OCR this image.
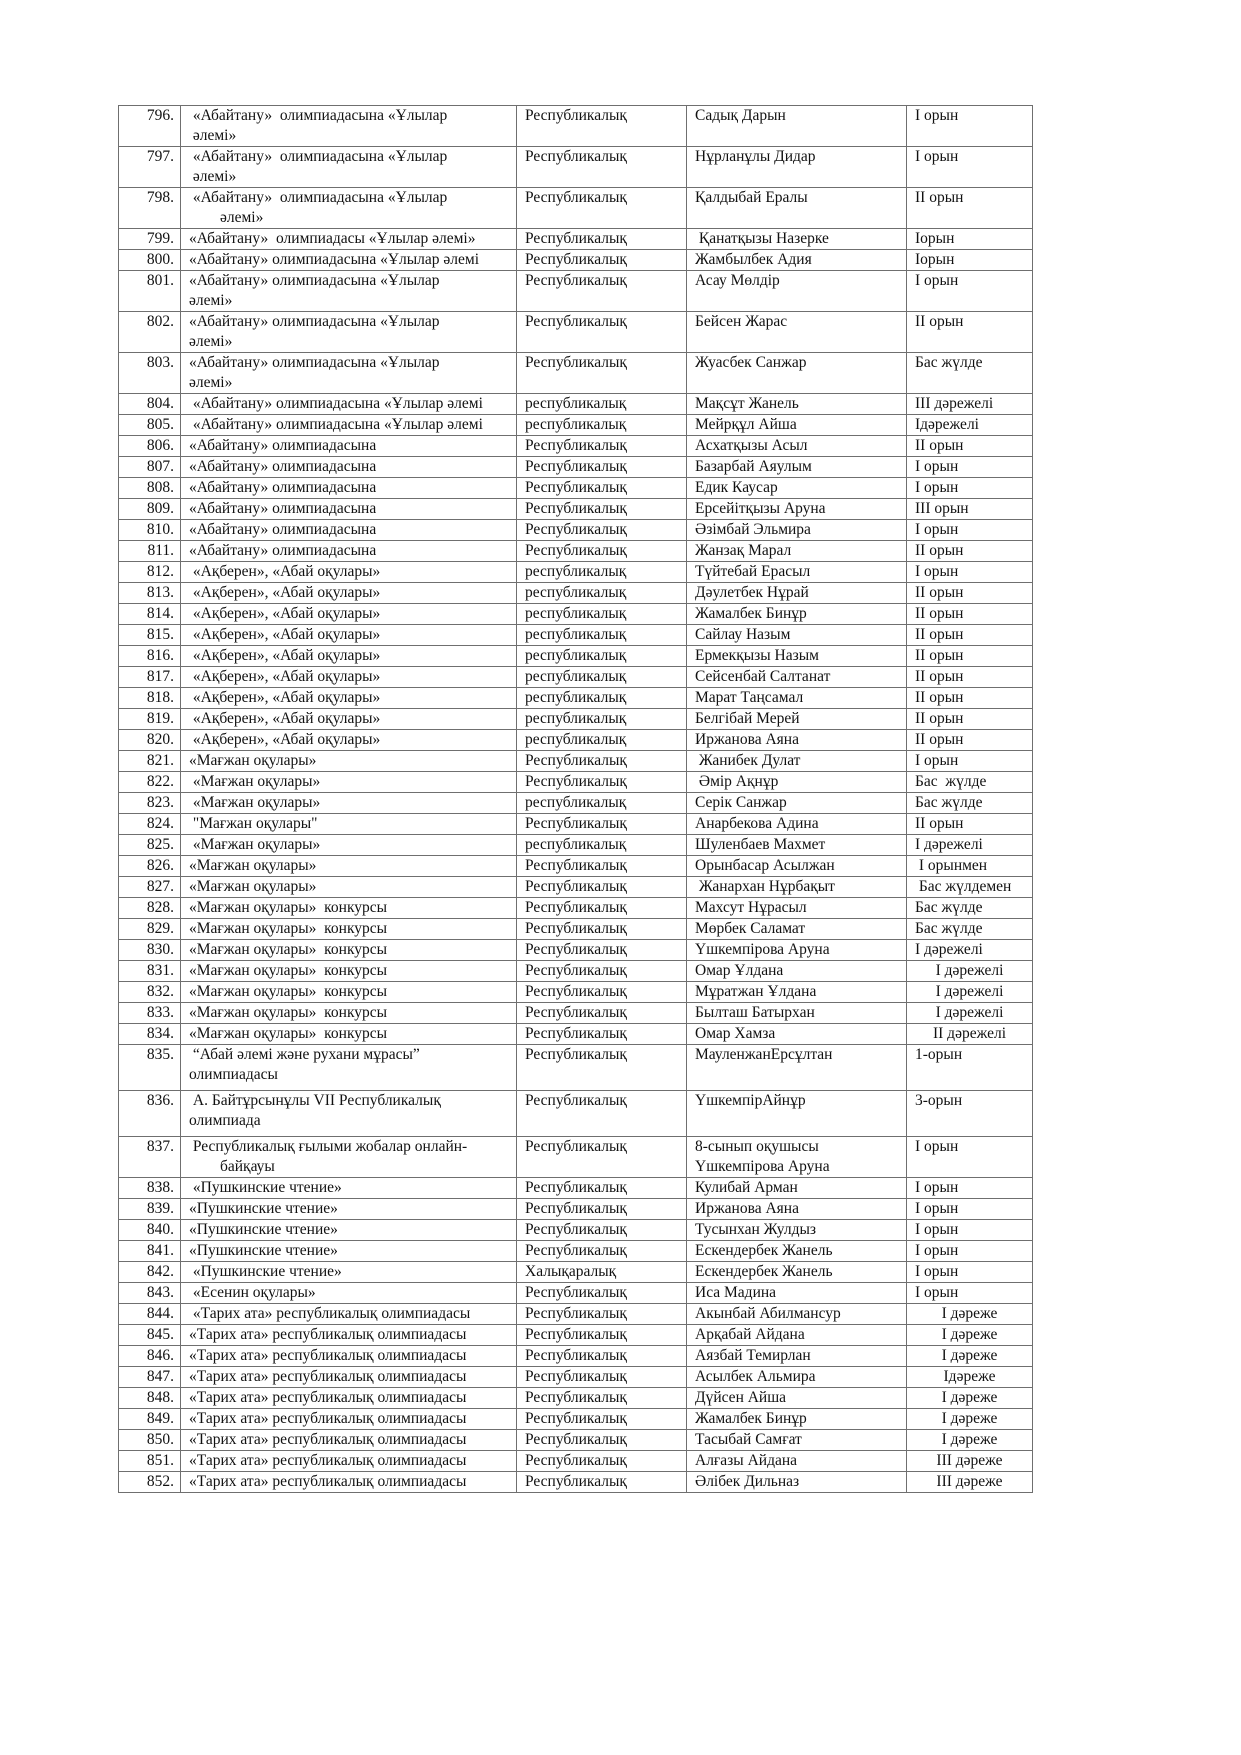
796.	«Абайтану»  олимпиадасына «Ұлылар
әлемі»	Республикалық	Садық Дарын	I орын
797.	«Абайтану»  олимпиадасына «Ұлылар
әлемі»	Республикалық	Нұрланұлы Дидар	I орын
798.	«Абайтану»  олимпиадасына «Ұлылар
әлемі»	Республикалық	Қалдыбай Ералы	II орын
799.	«Абайтану»  олимпиадасы «Ұлылар әлемі»	Республикалық	Қанатқызы Назерке	Iорын
800.	«Абайтану» олимпиадасына «Ұлылар әлемі	Республикалық	Жамбылбек Адия	Iорын
801.	«Абайтану» олимпиадасына «Ұлылар
әлемі»	Республикалық	Асау Мөлдір	I орын
802.	«Абайтану» олимпиадасына «Ұлылар
әлемі»	Республикалық	Бейсен Жарас	II орын
803.	«Абайтану» олимпиадасына «Ұлылар
әлемі»	Республикалық	Жуасбек Санжар	Бас жүлде
804.	«Абайтану» олимпиадасына «Ұлылар әлемі	республикалық	Мақсұт Жанель	III дәрежелі
805.	«Абайтану» олимпиадасына «Ұлылар әлемі	республикалық	Мейрқұл Айша	Iдәрежелі
806.	«Абайтану» олимпиадасына	Республикалық	Асхатқызы Асыл	II орын
807.	«Абайтану» олимпиадасына	Республикалық	Базарбай Аяулым	I орын
808.	«Абайтану» олимпиадасына	Республикалық	Едик Каусар	I орын
809.	«Абайтану» олимпиадасына	Республикалық	Ерсейітқызы Аруна	III орын
810.	«Абайтану» олимпиадасына	Республикалық	Әзімбай Эльмира	I орын
811.	«Абайтану» олимпиадасына	Республикалық	Жанзақ Марал	II орын
812.	«Ақберен», «Абай оқулары»	республикалық	Түйтебай Ерасыл	I орын
813.	«Ақберен», «Абай оқулары»	республикалық	Дәулетбек Нұрай	II орын
814.	«Ақберен», «Абай оқулары»	республикалық	Жамалбек Бинұр	II орын
815.	«Ақберен», «Абай оқулары»	республикалық	Сайлау Назым	II орын
816.	«Ақберен», «Абай оқулары»	республикалық	Ермекқызы Назым	II орын
817.	«Ақберен», «Абай оқулары»	республикалық	Сейсенбай Салтанат	II орын
818.	«Ақберен», «Абай оқулары»	республикалық	Марат Таңсамал	II орын
819.	«Ақберен», «Абай оқулары»	республикалық	Белгібай Мерей	II орын
820.	«Ақберен», «Абай оқулары»	республикалық	Иржанова Аяна	II орын
821.	«Мағжан оқулары»	Республикалық	Жанибек Дулат	I орын
822.	«Мағжан оқулары»	Республикалық	Әмір Ақнұр	Бас  жүлде
823.	«Мағжан оқулары»	республикалық	Серік Санжар	Бас жүлде
824.	"Мағжан оқулары"	Республикалық	Анарбекова Адина	II орын
825.	«Мағжан оқулары»	республикалық	Шуленбаев Махмет	I дәрежелі
826.	«Мағжан оқулары»	Республикалық	Орынбасар Асылжан	I орынмен
827.	«Мағжан оқулары»	Республикалық	Жанархан Нұрбақыт	Бас жүлдемен
828.	«Мағжан оқулары»  конкурсы	Республикалық	Махсут Нұрасыл	Бас жүлде
829.	«Мағжан оқулары»  конкурсы	Республикалық	Мөрбек Саламат	Бас жүлде
830.	«Мағжан оқулары»  конкурсы	Республикалық	Үшкемпірова Аруна	I дәрежелі
831.	«Мағжан оқулары»  конкурсы	Республикалық	Омар Ұлдана	I дәрежелі
832.	«Мағжан оқулары»  конкурсы	Республикалық	Мұратжан Ұлдана	I дәрежелі
833.	«Мағжан оқулары»  конкурсы	Республикалық	Былташ Батырхан	I дәрежелі
834.	«Мағжан оқулары»  конкурсы	Республикалық	Омар Хамза	II дәрежелі
835.	“Абай әлемі және рухани мұрасы”
олимпиадасы	Республикалық	МауленжанЕрсұлтан	1-орын
836.	А. Байтұрсынұлы VII Республикалық
олимпиада	Республикалық	ҮшкемпірАйнұр	3-орын
837.	Республикалық ғылыми жобалар онлайн-
байқауы	Республикалық	8-сынып оқушысы
Үшкемпірова Аруна	I орын
838.	«Пушкинские чтение»	Республикалық	Кулибай Арман	I орын
839.	«Пушкинские чтение»	Республикалық	Иржанова Аяна	I орын
840.	«Пушкинские чтение»	Республикалық	Тусынхан Жулдыз	I орын
841.	«Пушкинские чтение»	Республикалық	Ескендербек Жанель	I орын
842.	«Пушкинские чтение»	Халықаралық	Ескендербек Жанель	I орын
843.	«Есенин оқулары»	Республикалық	Иса Мадина	I орын
844.	«Тарих ата» республикалық олимпиадасы	Республикалық	Акынбай Абилмансур	I дәреже
845.	«Тарих ата» республикалық олимпиадасы	Республикалық	Арқабай Айдана	I дәреже
846.	«Тарих ата» республикалық олимпиадасы	Республикалық	Аязбай Темирлан	I дәреже
847.	«Тарих ата» республикалық олимпиадасы	Республикалық	Асылбек Альмира	Iдәреже
848.	«Тарих ата» республикалық олимпиадасы	Республикалық	Дүйсен Айша	I дәреже
849.	«Тарих ата» республикалық олимпиадасы	Республикалық	Жамалбек Бинұр	I дәреже
850.	«Тарих ата» республикалық олимпиадасы	Республикалық	Тасыбай Самғат	I дәреже
851.	«Тарих ата» республикалық олимпиадасы	Республикалық	Алғазы Айдана	III дәреже
852.	«Тарих ата» республикалық олимпиадасы	Республикалық	Әлібек Дильназ	III дәреже
